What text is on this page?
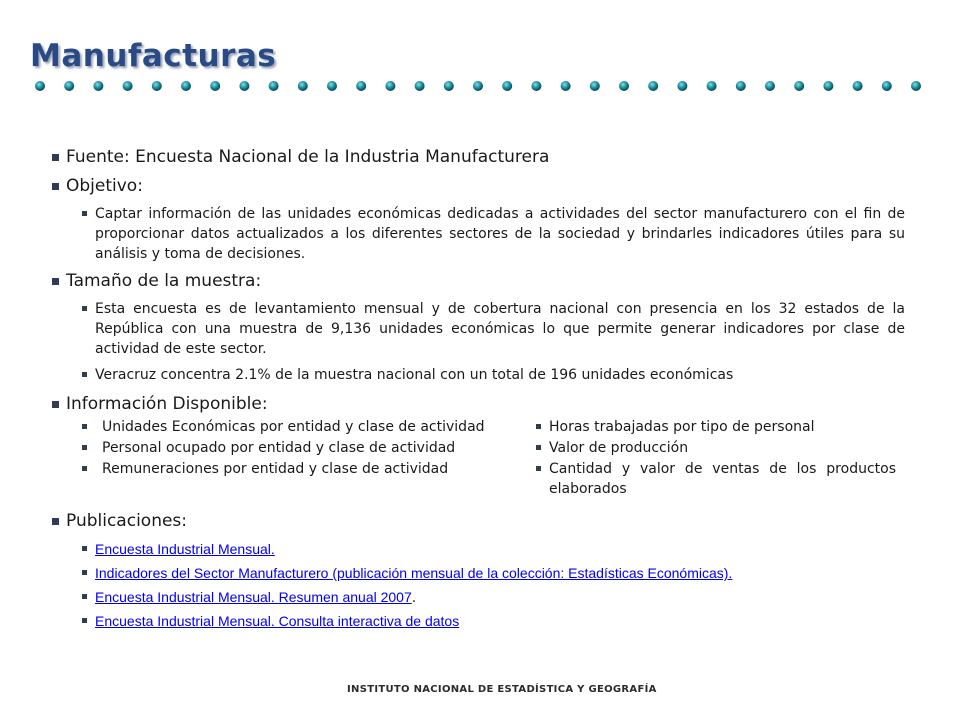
Manufacturas
Fuente: Encuesta Nacional de la Industria Manufacturera
Objetivo:
Captar información de las unidades económicas dedicadas a actividades del sector manufacturero con el fin de proporcionar datos actualizados a los diferentes sectores de la sociedad y brindarles indicadores útiles para su análisis y toma de decisiones.
Tamaño de la muestra:
Esta encuesta es de levantamiento mensual y de cobertura nacional con presencia en los 32 estados de la República con una muestra de 9,136 unidades económicas lo que permite generar indicadores por clase de actividad de este sector.
Veracruz concentra 2.1% de la muestra nacional con un total de 196 unidades económicas
Información Disponible:
Unidades Económicas por entidad y clase de actividad
Personal ocupado por entidad y clase de actividad
Remuneraciones por entidad y clase de actividad
Horas trabajadas por tipo de personal
Valor de producción
Cantidad y valor de ventas de los productos elaborados
Publicaciones:
Encuesta Industrial Mensual.
Indicadores del Sector Manufacturero (publicación mensual de la colección: Estadísticas Económicas).
Encuesta Industrial Mensual. Resumen anual 2007.
Encuesta Industrial Mensual. Consulta interactiva de datos
INSTITUTO NACIONAL DE ESTADÍSTICA Y GEOGRAFÍA
